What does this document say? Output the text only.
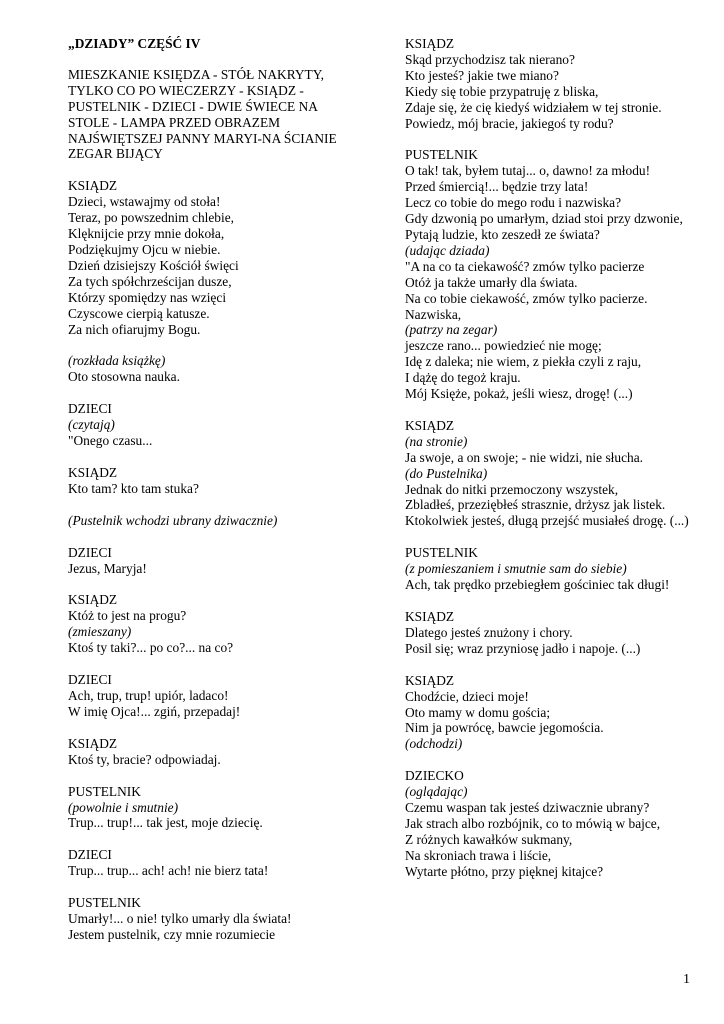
„DZIADY” CZĘŚĆ IV
MIESZKANIE KSIĘDZA - STÓŁ NAKRYTY, TYLKO CO PO WIECZERZY - KSIĄDZ - PUSTELNIK - DZIECI - DWIE ŚWIECE NA STOLE - LAMPA PRZED OBRAZEM NAJŚWIĘTSZEJ PANNY MARYI-NA ŚCIANIE ZEGAR BIJĄCY
KSIĄDZ
Dzieci, wstawajmy od stoła!
Teraz, po powszednim chlebie,
Klęknijcie przy mnie dokoła,
Podziękujmy Ojcu w niebie.
Dzień dzisiejszy Kościół święci
Za tych spółchrześcijan dusze,
Którzy spomiędzy nas wzięci
Czyscowe cierpią katusze.
Za nich ofiarujmy Bogu.
(rozkłada książkę)
Oto stosowna nauka.
DZIECI
(czytają)
"Onego czasu...
KSIĄDZ
Kto tam? kto tam stuka?
(Pustelnik wchodzi ubrany dziwacznie)
DZIECI
Jezus, Maryja!
KSIĄDZ
Któż to jest na progu?
(zmieszany)
Ktoś ty taki?... po co?... na co?
DZIECI
Ach, trup, trup! upiór, ladaco!
W imię Ojca!... zgiń, przepadaj!
KSIĄDZ
Ktoś ty, bracie? odpowiadaj.
PUSTELNIK
(powolnie i smutnie)
Trup... trup!... tak jest, moje dziecię.
DZIECI
Trup... trup... ach! ach! nie bierz tata!
PUSTELNIK
Umarły!... o nie! tylko umarły dla świata!
Jestem pustelnik, czy mnie rozumiecie
KSIĄDZ
Skąd przychodzisz tak nierano?
Kto jesteś? jakie twe miano?
Kiedy się tobie przypatruję z bliska,
Zdaje się, że cię kiedyś widziałem w tej stronie.
Powiedz, mój bracie, jakiegoś ty rodu?
PUSTELNIK
O tak! tak, byłem tutaj... o, dawno! za młodu!
Przed śmiercią!... będzie trzy lata!
Lecz co tobie do mego rodu i nazwiska?
Gdy dzwonią po umarłym, dziad stoi przy dzwonie,
Pytają ludzie, kto zeszedł ze świata?
(udając dziada)
"A na co ta ciekawość? zmów tylko pacierze
Otóż ja także umarły dla świata.
Na co tobie ciekawość, zmów tylko pacierze.
Nazwiska,
(patrzy na zegar)
jeszcze rano... powiedzieć nie mogę;
Idę z daleka; nie wiem, z piekła czyli z raju,
I dążę do tegoż kraju.
Mój Księże, pokaż, jeśli wiesz, drogę! (...)
KSIĄDZ
(na stronie)
Ja swoje, a on swoje; - nie widzi, nie słucha.
(do Pustelnika)
Jednak do nitki przemoczony wszystek,
Zbladłeś, przeziębłeś strasznie, drżysz jak listek.
Ktokolwiek jesteś, długą przejść musiałeś drogę. (...)
PUSTELNIK
(z pomieszaniem i smutnie sam do siebie)
Ach, tak prędko przebiegłem gościniec tak długi!
KSIĄDZ
Dlatego jesteś znużony i chory.
Posil się; wraz przyniosę jadło i napoje. (...)
KSIĄDZ
Chodźcie, dzieci moje!
Oto mamy w domu gościa;
Nim ja powrócę, bawcie jegomościa.
(odchodzi)
DZIECKO
(oglądając)
Czemu waspan tak jesteś dziwacznie ubrany?
Jak strach albo rozbójnik, co to mówią w bajce,
Z różnych kawałków sukmany,
Na skroniach trawa i liście,
Wytarte płótno, przy pięknej kitajce?
1
